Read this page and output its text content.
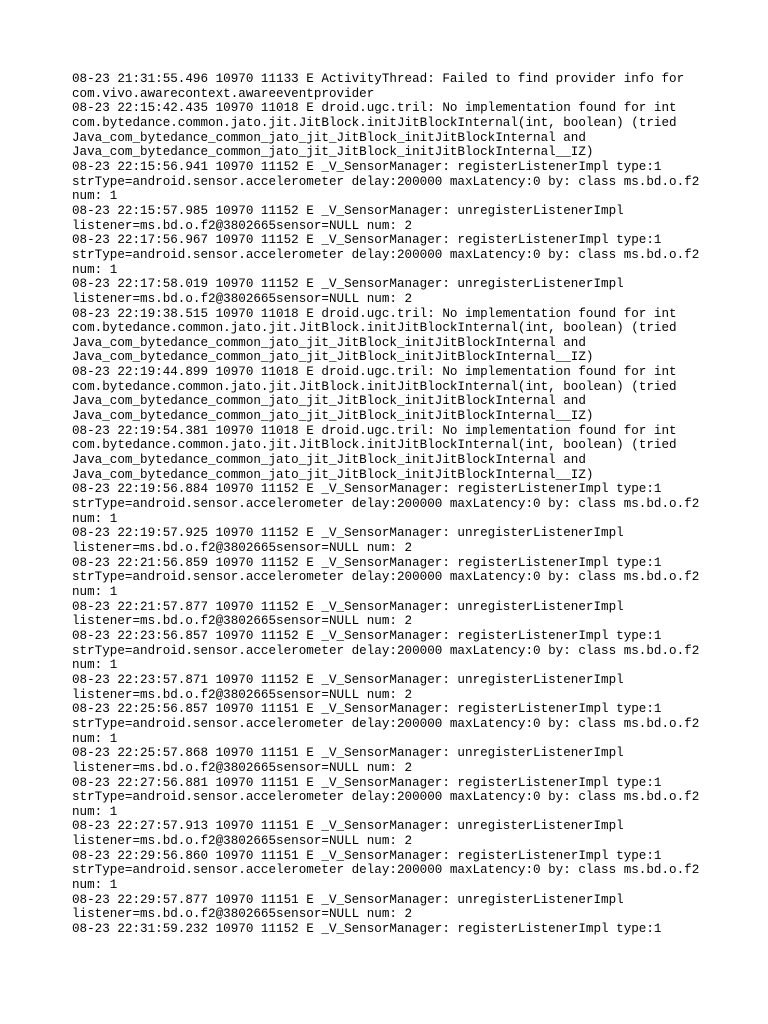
08-23 21:31:55.496 10970 11133 E ActivityThread: Failed to find provider info for
com.vivo.awarecontext.awareeventprovider
08-23 22:15:42.435 10970 11018 E droid.ugc.tril: No implementation found for int
com.bytedance.common.jato.jit.JitBlock.initJitBlockInternal(int, boolean) (tried
Java_com_bytedance_common_jato_jit_JitBlock_initJitBlockInternal and
Java_com_bytedance_common_jato_jit_JitBlock_initJitBlockInternal__IZ)
08-23 22:15:56.941 10970 11152 E _V_SensorManager: registerListenerImpl type:1
strType=android.sensor.accelerometer delay:200000 maxLatency:0 by: class ms.bd.o.f2
num: 1
08-23 22:15:57.985 10970 11152 E _V_SensorManager: unregisterListenerImpl
listener=ms.bd.o.f2@3802665sensor=NULL num: 2
08-23 22:17:56.967 10970 11152 E _V_SensorManager: registerListenerImpl type:1
strType=android.sensor.accelerometer delay:200000 maxLatency:0 by: class ms.bd.o.f2
num: 1
08-23 22:17:58.019 10970 11152 E _V_SensorManager: unregisterListenerImpl
listener=ms.bd.o.f2@3802665sensor=NULL num: 2
08-23 22:19:38.515 10970 11018 E droid.ugc.tril: No implementation found for int
com.bytedance.common.jato.jit.JitBlock.initJitBlockInternal(int, boolean) (tried
Java_com_bytedance_common_jato_jit_JitBlock_initJitBlockInternal and
Java_com_bytedance_common_jato_jit_JitBlock_initJitBlockInternal__IZ)
08-23 22:19:44.899 10970 11018 E droid.ugc.tril: No implementation found for int
com.bytedance.common.jato.jit.JitBlock.initJitBlockInternal(int, boolean) (tried
Java_com_bytedance_common_jato_jit_JitBlock_initJitBlockInternal and
Java_com_bytedance_common_jato_jit_JitBlock_initJitBlockInternal__IZ)
08-23 22:19:54.381 10970 11018 E droid.ugc.tril: No implementation found for int
com.bytedance.common.jato.jit.JitBlock.initJitBlockInternal(int, boolean) (tried
Java_com_bytedance_common_jato_jit_JitBlock_initJitBlockInternal and
Java_com_bytedance_common_jato_jit_JitBlock_initJitBlockInternal__IZ)
08-23 22:19:56.884 10970 11152 E _V_SensorManager: registerListenerImpl type:1
strType=android.sensor.accelerometer delay:200000 maxLatency:0 by: class ms.bd.o.f2
num: 1
08-23 22:19:57.925 10970 11152 E _V_SensorManager: unregisterListenerImpl
listener=ms.bd.o.f2@3802665sensor=NULL num: 2
08-23 22:21:56.859 10970 11152 E _V_SensorManager: registerListenerImpl type:1
strType=android.sensor.accelerometer delay:200000 maxLatency:0 by: class ms.bd.o.f2
num: 1
08-23 22:21:57.877 10970 11152 E _V_SensorManager: unregisterListenerImpl
listener=ms.bd.o.f2@3802665sensor=NULL num: 2
08-23 22:23:56.857 10970 11152 E _V_SensorManager: registerListenerImpl type:1
strType=android.sensor.accelerometer delay:200000 maxLatency:0 by: class ms.bd.o.f2
num: 1
08-23 22:23:57.871 10970 11152 E _V_SensorManager: unregisterListenerImpl
listener=ms.bd.o.f2@3802665sensor=NULL num: 2
08-23 22:25:56.857 10970 11151 E _V_SensorManager: registerListenerImpl type:1
strType=android.sensor.accelerometer delay:200000 maxLatency:0 by: class ms.bd.o.f2
num: 1
08-23 22:25:57.868 10970 11151 E _V_SensorManager: unregisterListenerImpl
listener=ms.bd.o.f2@3802665sensor=NULL num: 2
08-23 22:27:56.881 10970 11151 E _V_SensorManager: registerListenerImpl type:1
strType=android.sensor.accelerometer delay:200000 maxLatency:0 by: class ms.bd.o.f2
num: 1
08-23 22:27:57.913 10970 11151 E _V_SensorManager: unregisterListenerImpl
listener=ms.bd.o.f2@3802665sensor=NULL num: 2
08-23 22:29:56.860 10970 11151 E _V_SensorManager: registerListenerImpl type:1
strType=android.sensor.accelerometer delay:200000 maxLatency:0 by: class ms.bd.o.f2
num: 1
08-23 22:29:57.877 10970 11151 E _V_SensorManager: unregisterListenerImpl
listener=ms.bd.o.f2@3802665sensor=NULL num: 2
08-23 22:31:59.232 10970 11152 E _V_SensorManager: registerListenerImpl type:1
